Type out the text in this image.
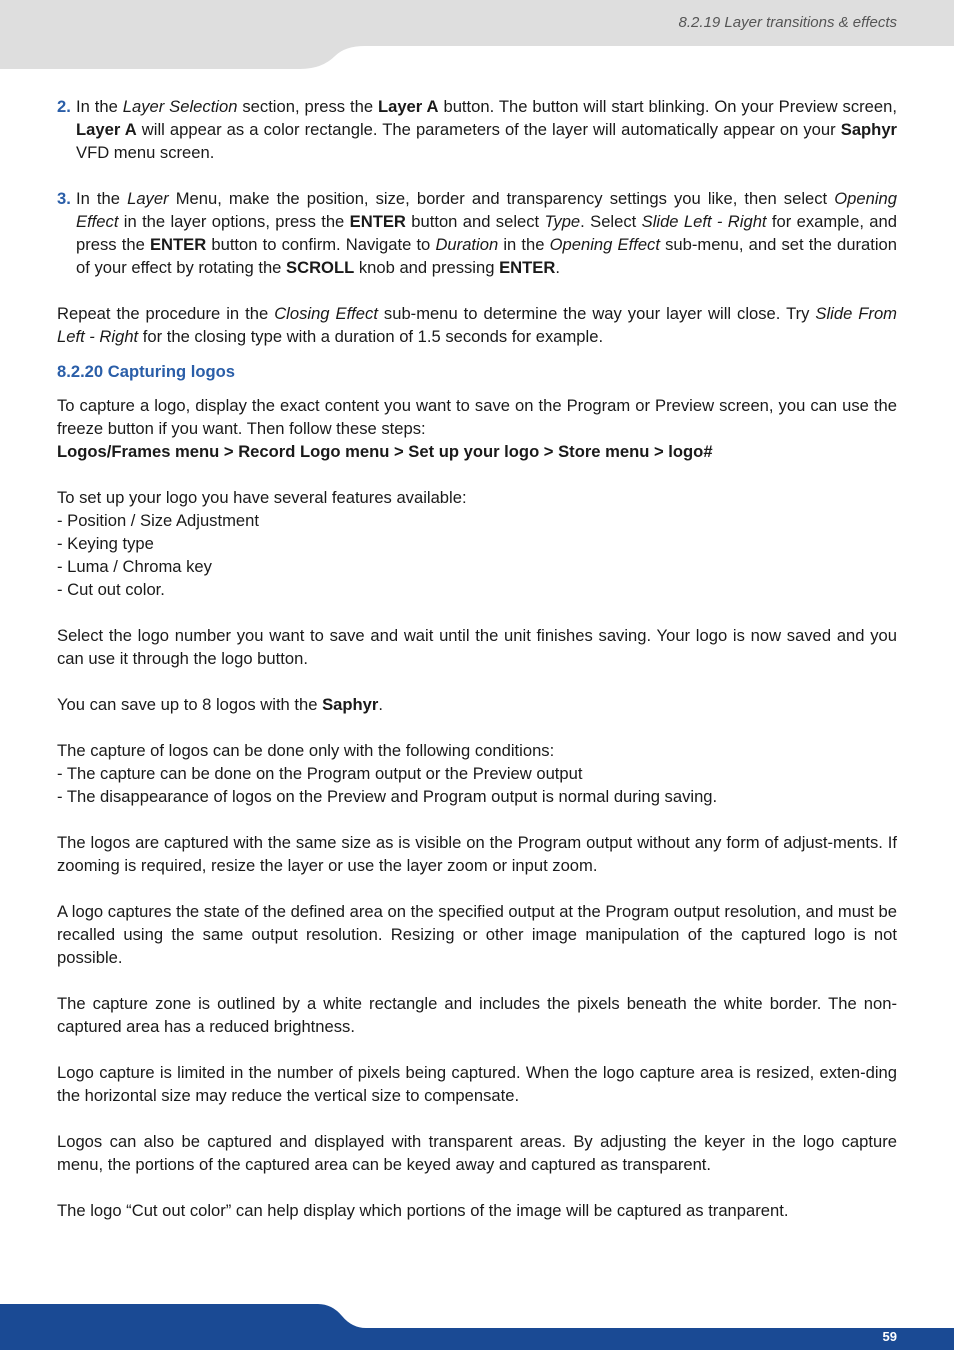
8.2.19 Layer transitions & effects
2. In the Layer Selection section, press the Layer A button. The button will start blinking. On your Preview screen, Layer A will appear as a color rectangle. The parameters of the layer will automatically appear on your Saphyr VFD menu screen.
3. In the Layer Menu, make the position, size, border and transparency settings you like, then select Opening Effect in the layer options, press the ENTER button and select Type. Select Slide Left - Right for example, and press the ENTER button to confirm. Navigate to Duration in the Opening Effect sub-menu, and set the duration of your effect by rotating the SCROLL knob and pressing ENTER.

Repeat the procedure in the Closing Effect sub-menu to determine the way your layer will close. Try Slide From Left - Right for the closing type with a duration of 1.5 seconds for example.

8.2.20 Capturing logos

To capture a logo, display the exact content you want to save on the Program or Preview screen, you can use the freeze button if you want. Then follow these steps:

Logos/Frames menu > Record Logo menu > Set up your logo > Store menu > logo#

To set up your logo you have several features available:

- Position / Size Adjustment

- Keying type

- Luma / Chroma key

- Cut out color.

Select the logo number you want to save and wait until the unit finishes saving. Your logo is now saved and you can use it through the logo button.

You can save up to 8 logos with the Saphyr.

The capture of logos can be done only with the following conditions:

- The capture can be done on the Program output or the Preview output

- The disappearance of logos on the Preview and Program output is normal during saving.

The logos are captured with the same size as is visible on the Program output without any form of adjust-ments. If zooming is required, resize the layer or use the layer zoom or input zoom.

A logo captures the state of the defined area on the specified output at the Program output resolution, and must be recalled using the same output resolution. Resizing or other image manipulation of the captured logo is not possible.

The capture zone is outlined by a white rectangle and includes the pixels beneath the white border. The non-captured area has a reduced brightness.

Logo capture is limited in the number of pixels being captured. When the logo capture area is resized, exten-ding the horizontal size may reduce the vertical size to compensate.

Logos can also be captured and displayed with transparent areas. By adjusting the keyer in the logo capture menu, the portions of the captured area can be keyed away and captured as transparent.

The logo “Cut out color” can help display which portions of the image will be captured as tranparent.

59
